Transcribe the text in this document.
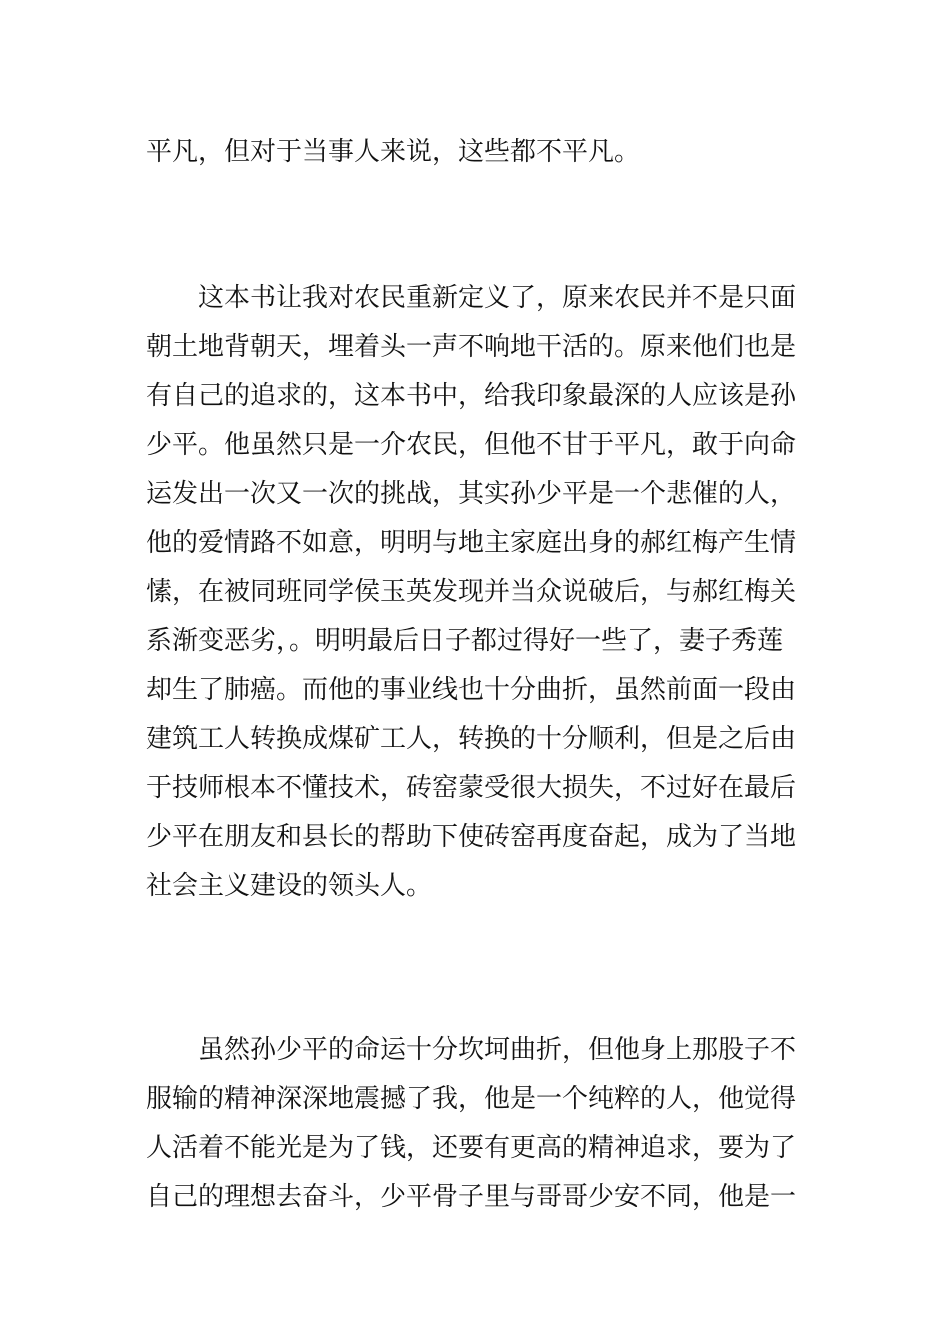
平凡，但对于当事人来说，这些都不平凡。

这本书让我对农民重新定义了，原来农民并不是只面
朝土地背朝天，埋着头一声不响地干活的。原来他们也是
有自己的追求的，这本书中，给我印象最深的人应该是孙
少平。他虽然只是一介农民，但他不甘于平凡，敢于向命
运发出一次又一次的挑战，其实孙少平是一个悲催的人，
他的爱情路不如意，明明与地主家庭出身的郝红梅产生情
愫，在被同班同学侯玉英发现并当众说破后，与郝红梅关
系渐变恶劣，。明明最后日子都过得好一些了，妻子秀莲
却生了肺癌。而他的事业线也十分曲折，虽然前面一段由
建筑工人转换成煤矿工人，转换的十分顺利，但是之后由
于技师根本不懂技术，砖窑蒙受很大损失，不过好在最后
少平在朋友和县长的帮助下使砖窑再度奋起，成为了当地
社会主义建设的领头人。

虽然孙少平的命运十分坎坷曲折，但他身上那股子不
服输的精神深深地震撼了我，他是一个纯粹的人，他觉得
人活着不能光是为了钱，还要有更高的精神追求，要为了
自己的理想去奋斗，少平骨子里与哥哥少安不同，他是一
